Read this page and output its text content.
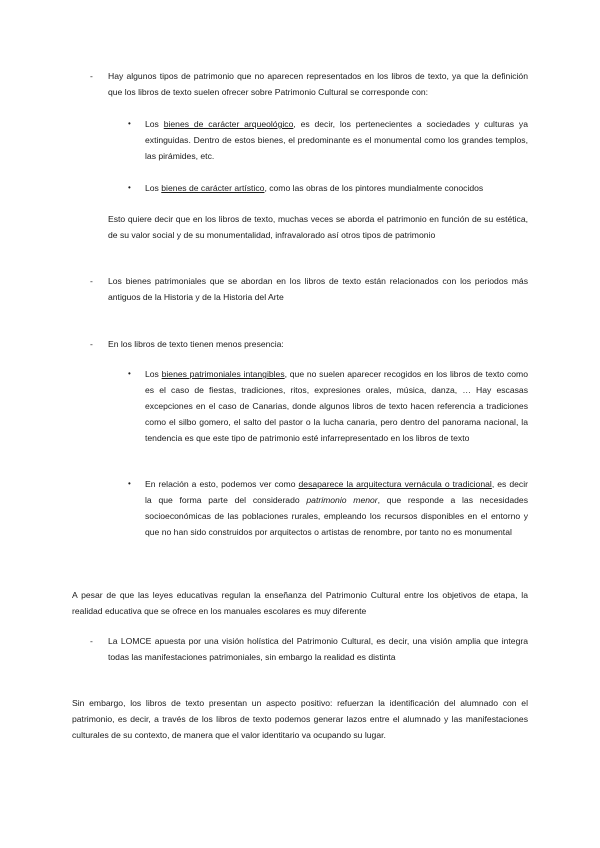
- Hay algunos tipos de patrimonio que no aparecen representados en los libros de texto, ya que la definición que los libros de texto suelen ofrecer sobre Patrimonio Cultural se corresponde con:
• Los bienes de carácter arqueológico, es decir, los pertenecientes a sociedades y culturas ya extinguidas. Dentro de estos bienes, el predominante es el monumental como los grandes templos, las pirámides, etc.
• Los bienes de carácter artístico, como las obras de los pintores mundialmente conocidos
Esto quiere decir que en los libros de texto, muchas veces se aborda el patrimonio en función de su estética, de su valor social y de su monumentalidad, infravalorado así otros tipos de patrimonio
- Los bienes patrimoniales que se abordan en los libros de texto están relacionados con los periodos más antiguos de la Historia y de la Historia del Arte
- En los libros de texto tienen menos presencia:
• Los bienes patrimoniales intangibles, que no suelen aparecer recogidos en los libros de texto como es el caso de fiestas, tradiciones, ritos, expresiones orales, música, danza, … Hay escasas excepciones en el caso de Canarias, donde algunos libros de texto hacen referencia a tradiciones como el silbo gomero, el salto del pastor o la lucha canaria, pero dentro del panorama nacional, la tendencia es que este tipo de patrimonio esté infarrepresentado en los libros de texto
• En relación a esto, podemos ver como desaparece la arquitectura vernácula o tradicional, es decir la que forma parte del considerado patrimonio menor, que responde a las necesidades socioeconómicas de las poblaciones rurales, empleando los recursos disponibles en el entorno y que no han sido construidos por arquitectos o artistas de renombre, por tanto no es monumental
A pesar de que las leyes educativas regulan la enseñanza del Patrimonio Cultural entre los objetivos de etapa, la realidad educativa que se ofrece en los manuales escolares es muy diferente
- La LOMCE apuesta por una visión holística del Patrimonio Cultural, es decir, una visión amplia que integra todas las manifestaciones patrimoniales, sin embargo la realidad es distinta
Sin embargo, los libros de texto presentan un aspecto positivo: refuerzan la identificación del alumnado con el patrimonio, es decir, a través de los libros de texto podemos generar lazos entre el alumnado y las manifestaciones culturales de su contexto, de manera que el valor identitario va ocupando su lugar.
